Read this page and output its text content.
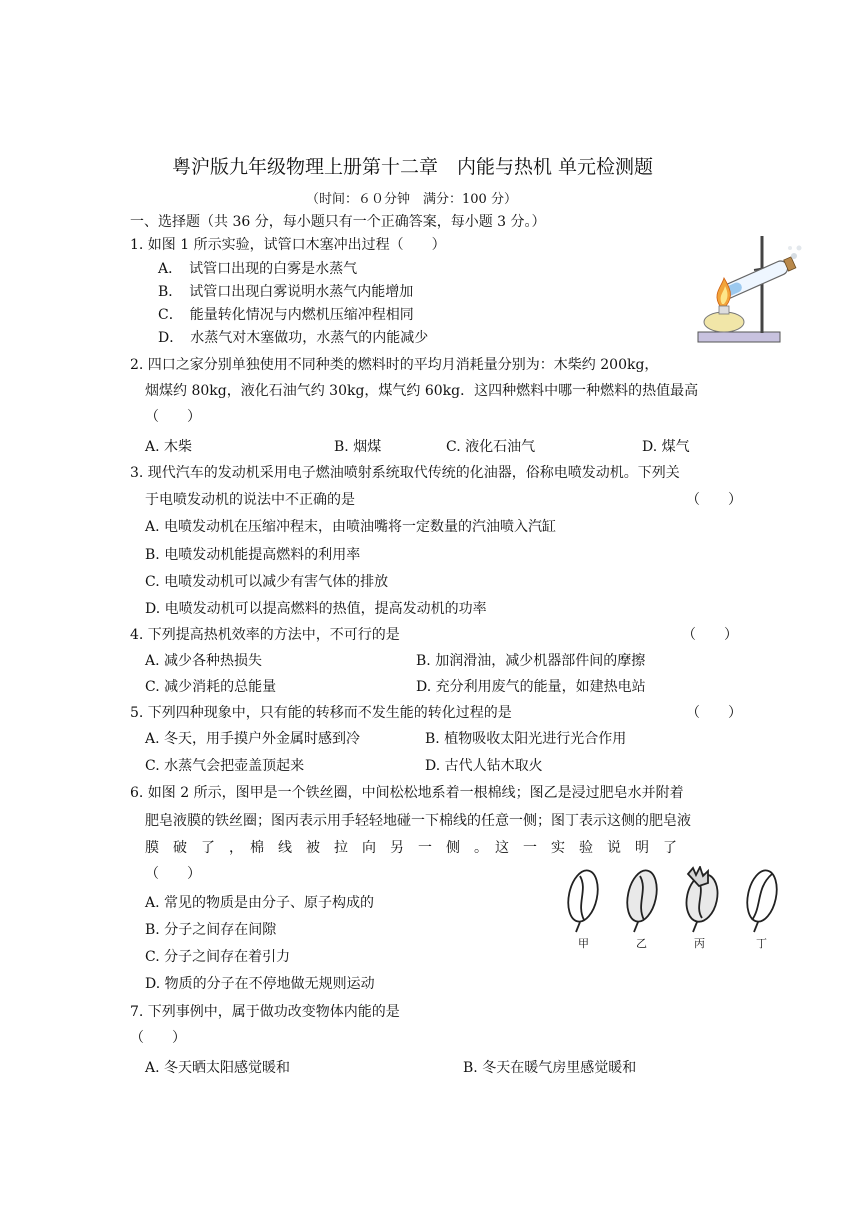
粤沪版九年级物理上册第十二章　内能与热机 单元检测题
（时间：６０分钟　满分：100 分）
一、选择题（共 36 分，每小题只有一个正确答案，每小题 3 分。）
1. 如图 1 所示实验，试管口木塞冲出过程（　　）
A．　试管口出现的白雾是水蒸气
B．　试管口出现白雾说明水蒸气内能增加
C．　能量转化情况与内燃机压缩冲程相同
D．　水蒸气对木塞做功，水蒸气的内能减少
2. 四口之家分别单独使用不同种类的燃料时的平均月消耗量分别为：木柴约 200kg，
烟煤约 80kg，液化石油气约 30kg，煤气约 60kg．这四种燃料中哪一种燃料的热值最高
（　　）
A. 木柴	B. 烟煤	C. 液化石油气	D. 煤气
3. 现代汽车的发动机采用电子燃油喷射系统取代传统的化油器，俗称电喷发动机。下列关
于电喷发动机的说法中不正确的是	（　　）
A. 电喷发动机在压缩冲程末，由喷油嘴将一定数量的汽油喷入汽缸
B. 电喷发动机能提高燃料的利用率
C. 电喷发动机可以减少有害气体的排放
D. 电喷发动机可以提高燃料的热值，提高发动机的功率
4. 下列提高热机效率的方法中，不可行的是	（　　）
A. 减少各种热损失	B. 加润滑油，减少机器部件间的摩擦
C. 减少消耗的总能量	D. 充分利用废气的能量，如建热电站
5. 下列四种现象中，只有能的转移而不发生能的转化过程的是	（　　）
A. 冬天，用手摸户外金属时感到冷	B. 植物吸收太阳光进行光合作用
C. 水蒸气会把壶盖顶起来	D. 古代人钻木取火
6. 如图 2 所示，图甲是一个铁丝圈，中间松松地系着一根棉线；图乙是浸过肥皂水并附着
肥皂液膜的铁丝圈；图丙表示用手轻轻地碰一下棉线的任意一侧；图丁表示这侧的肥皂液
膜　破　了　，　棉　线　被　拉　向　另　一　侧　。　这　一　实　验　说　明　了
（　　）
A. 常见的物质是由分子、原子构成的
B. 分子之间存在间隙
C. 分子之间存在着引力
D. 物质的分子在不停地做无规则运动
甲	乙	丙	丁
7. 下列事例中，属于做功改变物体内能的是
（　　）
A. 冬天晒太阳感觉暖和	B. 冬天在暖气房里感觉暖和
